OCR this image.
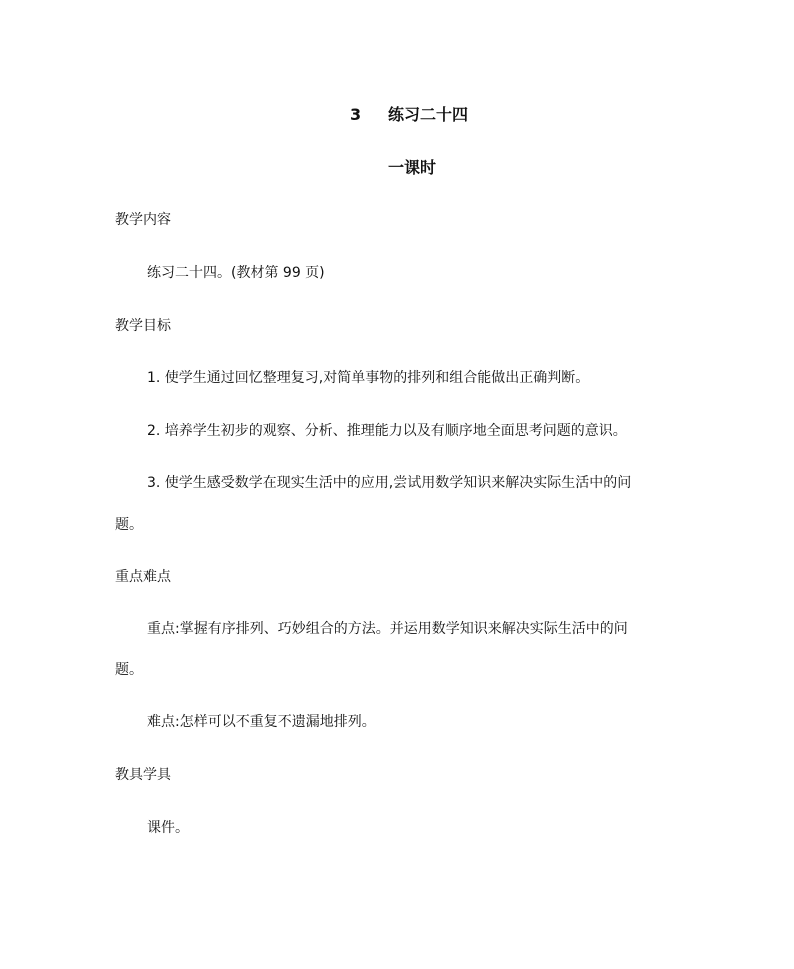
3 练习二十四
一课时
教学内容
练习二十四。(教材第 99 页)
教学目标
1. 使学生通过回忆整理复习,对简单事物的排列和组合能做出正确判断。
2. 培养学生初步的观察、分析、推理能力以及有顺序地全面思考问题的意识。
3. 使学生感受数学在现实生活中的应用,尝试用数学知识来解决实际生活中的问
题。
重点难点
重点:掌握有序排列、巧妙组合的方法。并运用数学知识来解决实际生活中的问
题。
难点:怎样可以不重复不遗漏地排列。
教具学具
课件。
